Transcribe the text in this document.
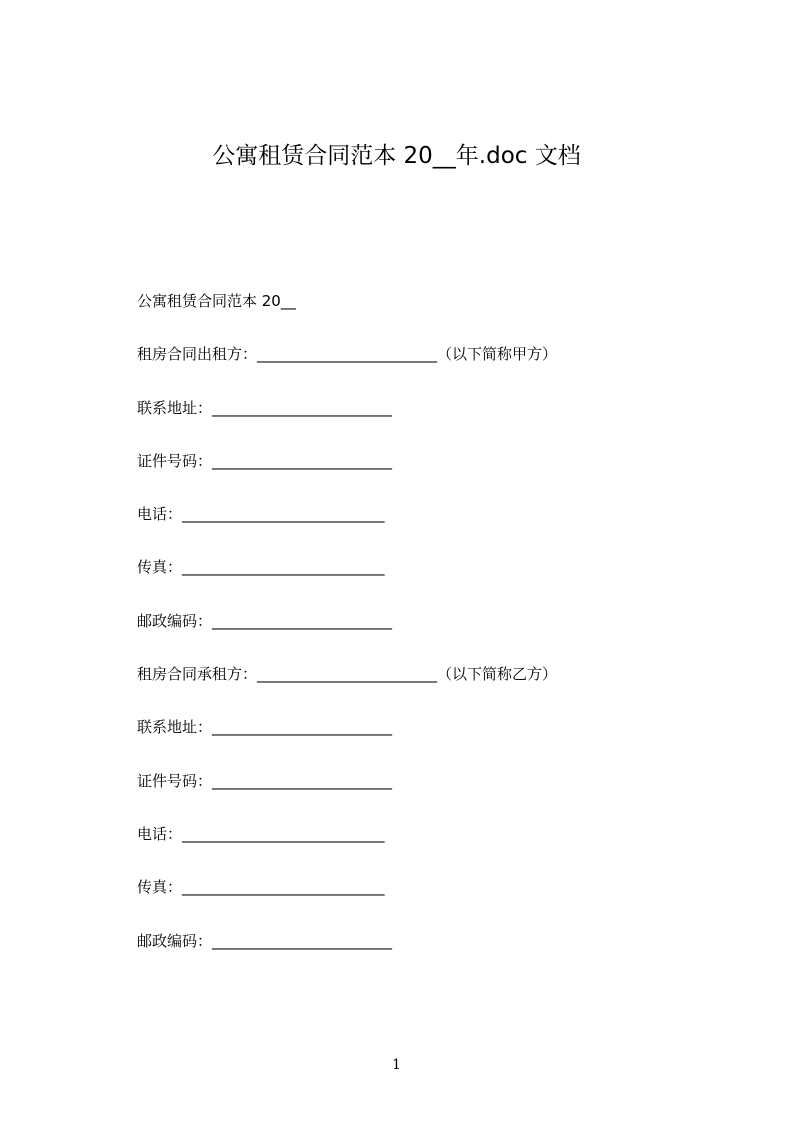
公寓租赁合同范本 20__年.doc 文档
公寓租赁合同范本 20__
租房合同出租方：________________________（以下简称甲方）
联系地址：________________________
证件号码：________________________
电话：___________________________
传真：___________________________
邮政编码：________________________
租房合同承租方：________________________（以下简称乙方）
联系地址：________________________
证件号码：________________________
电话：___________________________
传真：___________________________
邮政编码：________________________
1
